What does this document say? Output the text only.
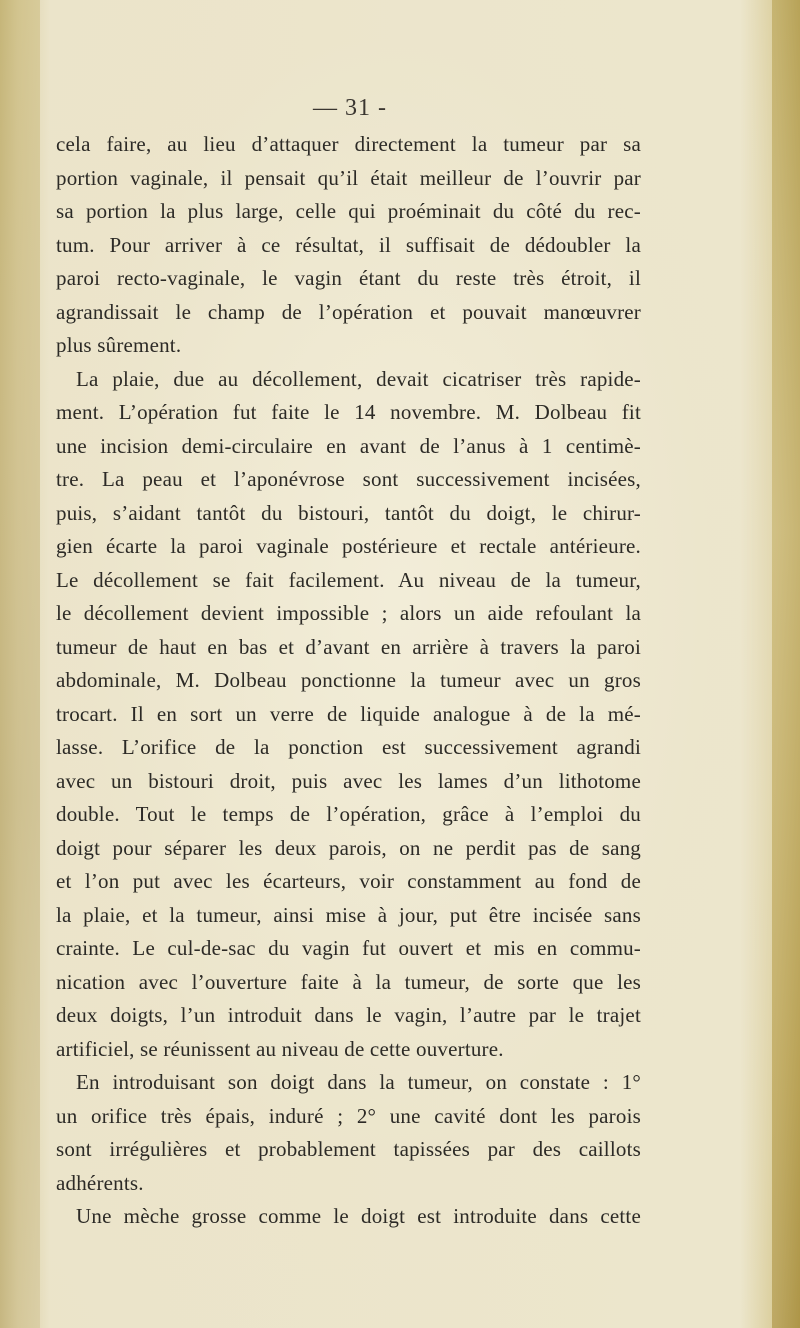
— 31 -
cela faire, au lieu d’attaquer directement la tumeur par sa
portion vaginale, il pensait qu’il était meilleur de l’ouvrir par
sa portion la plus large, celle qui proéminait du côté du rec-
tum. Pour arriver à ce résultat, il suffisait de dédoubler la
paroi recto-vaginale, le vagin étant du reste très étroit, il
agrandissait le champ de l’opération et pouvait manœuvrer
plus sûrement.
La plaie, due au décollement, devait cicatriser très rapide-
ment. L’opération fut faite le 14 novembre. M. Dolbeau fit
une incision demi-circulaire en avant de l’anus à 1 centimè-
tre. La peau et l’aponévrose sont successivement incisées,
puis, s’aidant tantôt du bistouri, tantôt du doigt, le chirur-
gien écarte la paroi vaginale postérieure et rectale antérieure.
Le décollement se fait facilement. Au niveau de la tumeur,
le décollement devient impossible ; alors un aide refoulant la
tumeur de haut en bas et d’avant en arrière à travers la paroi
abdominale, M. Dolbeau ponctionne la tumeur avec un gros
trocart. Il en sort un verre de liquide analogue à de la mé-
lasse. L’orifice de la ponction est successivement agrandi
avec un bistouri droit, puis avec les lames d’un lithotome
double. Tout le temps de l’opération, grâce à l’emploi du
doigt pour séparer les deux parois, on ne perdit pas de sang
et l’on put avec les écarteurs, voir constamment au fond de
la plaie, et la tumeur, ainsi mise à jour, put être incisée sans
crainte. Le cul-de-sac du vagin fut ouvert et mis en commu-
nication avec l’ouverture faite à la tumeur, de sorte que les
deux doigts, l’un introduit dans le vagin, l’autre par le trajet
artificiel, se réunissent au niveau de cette ouverture.
En introduisant son doigt dans la tumeur, on constate : 1°
un orifice très épais, induré ; 2° une cavité dont les parois
sont irrégulières et probablement tapissées par des caillots
adhérents.
Une mèche grosse comme le doigt est introduite dans cette
